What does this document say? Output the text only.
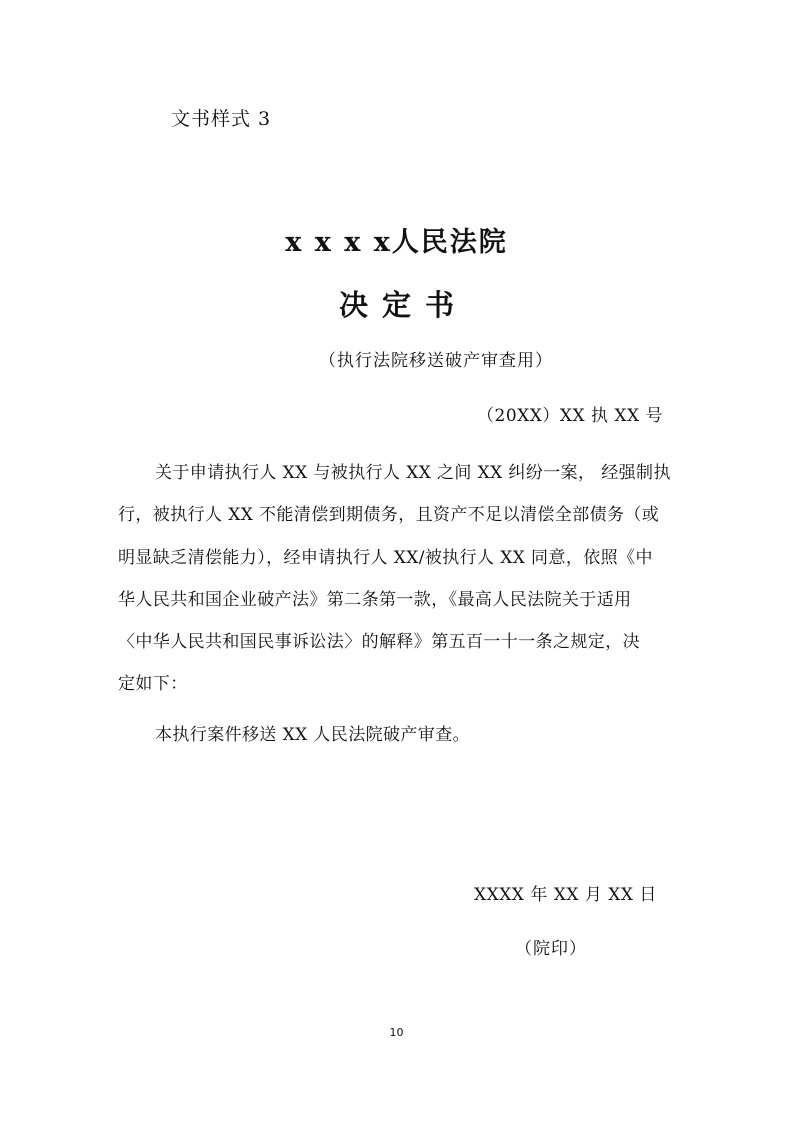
文书样式 3
x x x x人民法院
决定书
（执行法院移送破产审查用）
（20XX）XX 执 XX 号
关于申请执行人 XX 与被执行人 XX 之间 XX 纠纷一案， 经强制执
行，被执行人 XX 不能清偿到期债务，且资产不足以清偿全部债务（或
明显缺乏清偿能力），经申请执行人 XX/被执行人 XX 同意，依照《中
华人民共和国企业破产法》第二条第一款，《最高人民法院关于适用
〈中华人民共和国民事诉讼法〉的解释》第五百一十一条之规定，决
定如下：
本执行案件移送 XX 人民法院破产审查。
XXXX 年 XX 月 XX 日
（院印）
10
